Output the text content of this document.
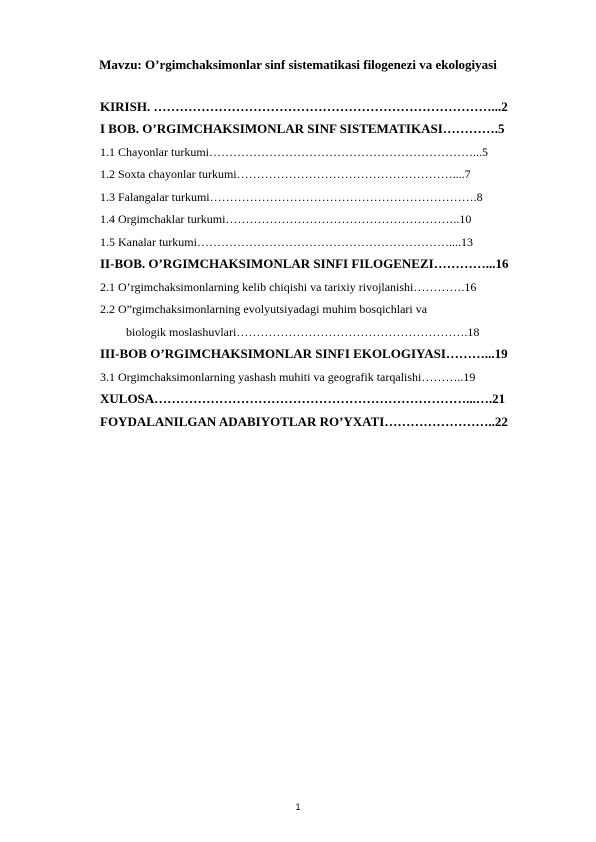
Mavzu: O’rgimchaksimonlar sinf sistematikasi filogenezi va ekologiyasi
KIRISH. ……………………………………………………………………...2
I BOB. O’RGIMCHAKSIMONLAR SINF SISTEMATIKASI………….5
1.1 Chayonlar turkumi…………………………………………………………...5
1.2 Soxta chayonlar turkumi………………………………………………....7
1.3 Falangalar turkumi………………………………………………………….8
1.4 Orgimchaklar turkumi…………………………………………………..10
1.5 Kanalar turkumi………………………………………………………....13
II-BOB. O’RGIMCHAKSIMONLAR SINFI FILOGENEZI…………...16
2.1 O’rgimchaksimonlarning kelib chiqishi va tarixiy rivojlanishi………….16
2.2 O”rgimchaksimonlarning evolyutsiyadagi muhim bosqichlari va
biologik moslashuvlari………………………………………………….18
III-BOB O’RGIMCHAKSIMONLAR SINFI EKOLOGIYASI………...19
3.1 Orgimchaksimonlarning yashash muhiti va geografik tarqalishi………..19
XULOSA………………………………………………………………...….21
FOYDALANILGAN ADABIYOTLAR RO’YXATI……………………..22
1
